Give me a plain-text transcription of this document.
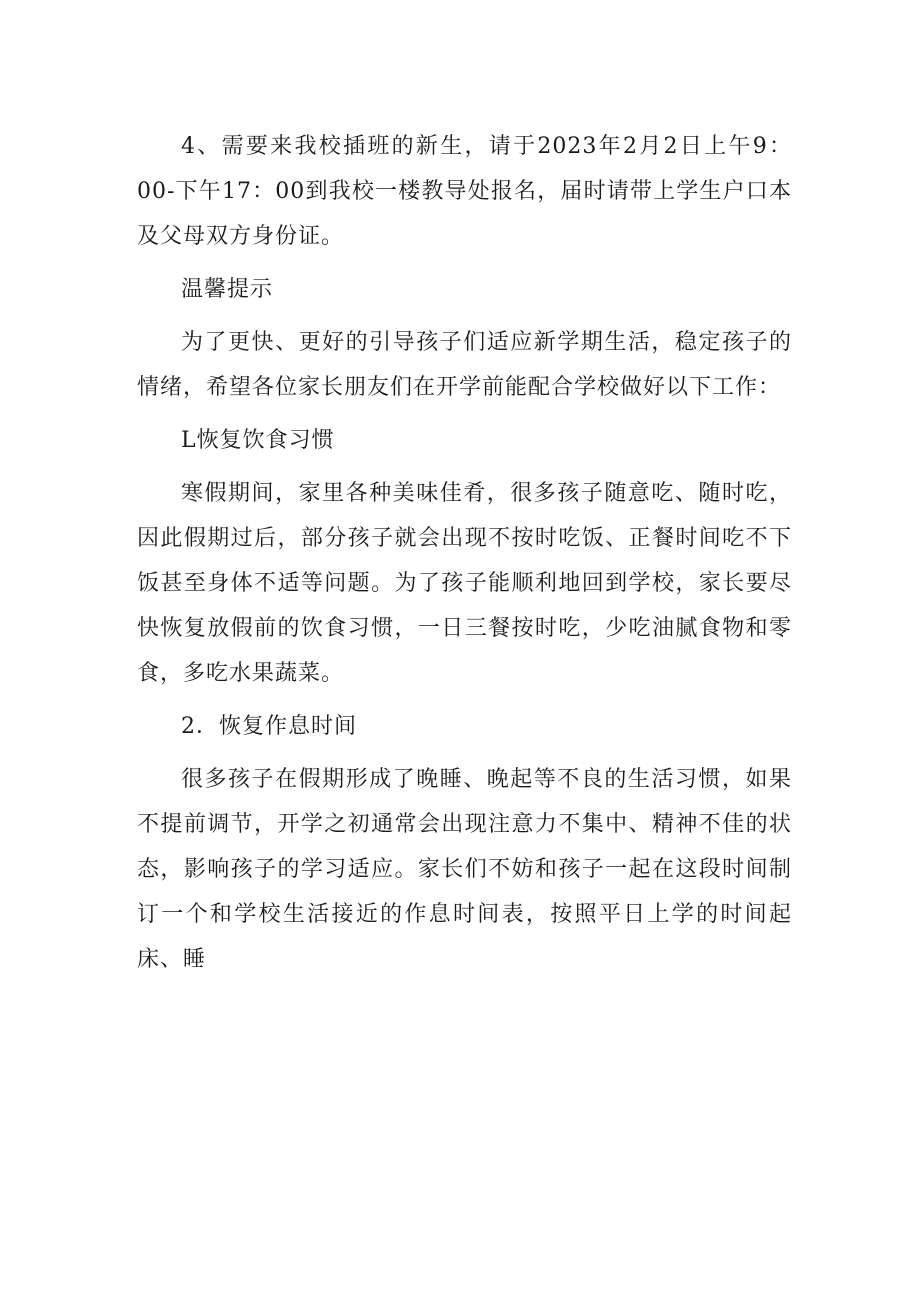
4、需要来我校插班的新生，请于2023年2月2日上午9：00-下午17：00到我校一楼教导处报名，届时请带上学生户口本及父母双方身份证。

温馨提示

为了更快、更好的引导孩子们适应新学期生活，稳定孩子的情绪，希望各位家长朋友们在开学前能配合学校做好以下工作：

L恢复饮食习惯

寒假期间，家里各种美味佳肴，很多孩子随意吃、随时吃，因此假期过后，部分孩子就会出现不按时吃饭、正餐时间吃不下饭甚至身体不适等问题。为了孩子能顺利地回到学校，家长要尽快恢复放假前的饮食习惯，一日三餐按时吃，少吃油腻食物和零食，多吃水果蔬菜。

2．恢复作息时间

很多孩子在假期形成了晚睡、晚起等不良的生活习惯，如果不提前调节，开学之初通常会出现注意力不集中、精神不佳的状态，影响孩子的学习适应。家长们不妨和孩子一起在这段时间制订一个和学校生活接近的作息时间表，按照平日上学的时间起床、睡
